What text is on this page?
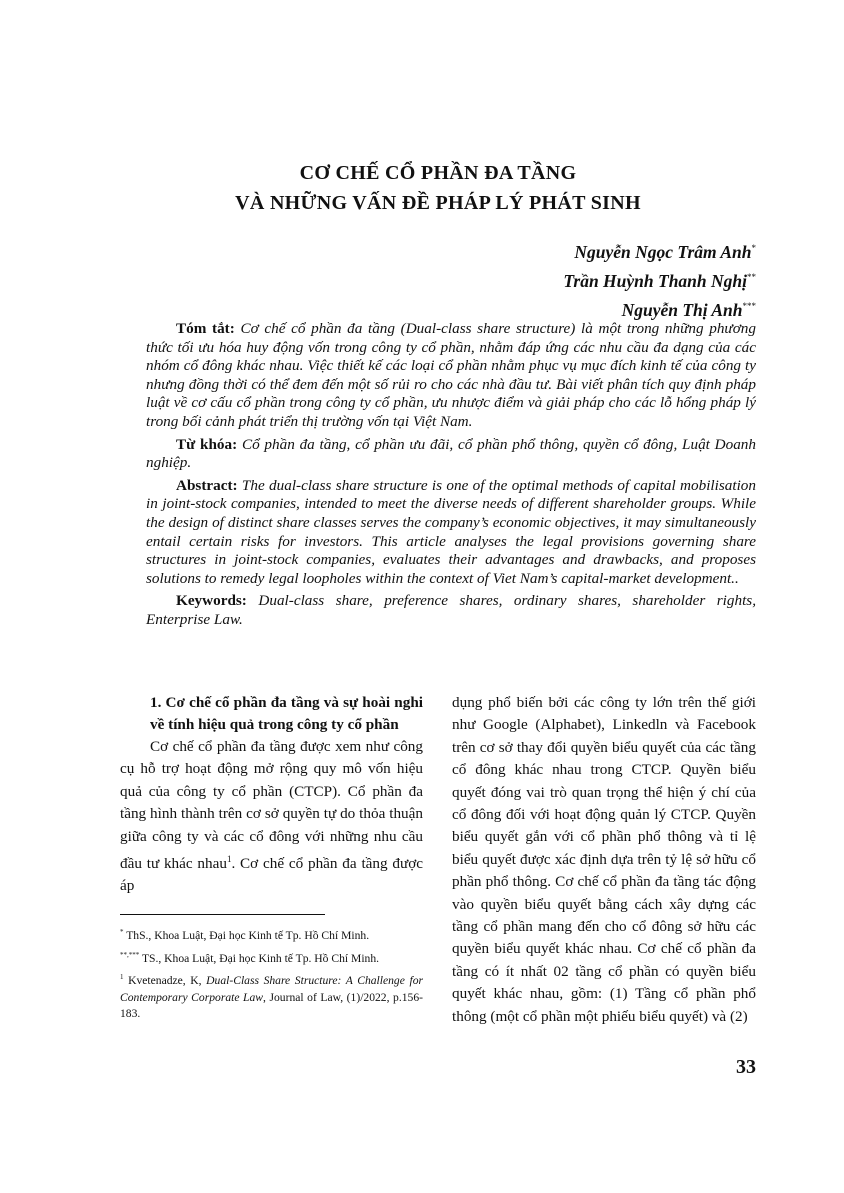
CƠ CHẾ CỔ PHẦN ĐA TẦNG
VÀ NHỮNG VẤN ĐỀ PHÁP LÝ PHÁT SINH
Nguyễn Ngọc Trâm Anh*
Trần Huỳnh Thanh Nghị**
Nguyễn Thị Anh***

Tóm tắt: Cơ chế cổ phần đa tầng (Dual-class share structure) là một trong những phương thức tối ưu hóa huy động vốn trong công ty cổ phần, nhằm đáp ứng các nhu cầu đa dạng của các nhóm cổ đông khác nhau. Việc thiết kế các loại cổ phần nhằm phục vụ mục đích kinh tế của công ty nhưng đồng thời có thể đem đến một số rủi ro cho các nhà đầu tư. Bài viết phân tích quy định pháp luật về cơ cấu cổ phần trong công ty cổ phần, ưu nhược điểm và giải pháp cho các lỗ hổng pháp lý trong bối cảnh phát triển thị trường vốn tại Việt Nam.

Từ khóa: Cổ phần đa tầng, cổ phần ưu đãi, cổ phần phổ thông, quyền cổ đông, Luật Doanh nghiệp.

Abstract: The dual-class share structure is one of the optimal methods of capital mobilisation in joint-stock companies, intended to meet the diverse needs of different shareholder groups. While the design of distinct share classes serves the company’s economic objectives, it may simultaneously entail certain risks for investors. This article analyses the legal provisions governing share structures in joint-stock companies, evaluates their advantages and drawbacks, and proposes solutions to remedy legal loopholes within the context of Viet Nam’s capital-market development..

Keywords: Dual-class share, preference shares, ordinary shares, shareholder rights, Enterprise Law.

1. Cơ chế cổ phần đa tầng và sự hoài nghi về tính hiệu quả trong công ty cổ phần

Cơ chế cổ phần đa tầng được xem như công cụ hỗ trợ hoạt động mở rộng quy mô vốn hiệu quả của công ty cổ phần (CTCP). Cổ phần đa tầng hình thành trên cơ sở quyền tự do thỏa thuận giữa công ty và các cổ đông với những nhu cầu đầu tư khác nhau$^1$. Cơ chế cổ phần đa tầng được áp

dụng phổ biến bởi các công ty lớn trên thế giới như Google (Alphabet), Linkedln và Facebook trên cơ sở thay đổi quyền biểu quyết của các tầng cổ đông khác nhau trong CTCP. Quyền biểu quyết đóng vai trò quan trọng thể hiện ý chí của cổ đông đối với hoạt động quản lý CTCP. Quyền biểu quyết gắn với cổ phần phổ thông và tỉ lệ biểu quyết được xác định dựa trên tỷ lệ sở hữu cổ phần phổ thông. Cơ chế cổ phần đa tầng tác động vào quyền biểu quyết bằng cách xây dựng các tầng cổ phần mang đến cho cổ đông sở hữu các quyền biểu quyết khác nhau. Cơ chế cổ phần đa tầng có ít nhất 02 tầng cổ phần có quyền biểu quyết khác nhau, gồm: (1) Tầng cổ phần phổ thông (một cổ phần một phiếu biểu quyết) và (2)

* ThS., Khoa Luật, Đại học Kinh tế Tp. Hồ Chí Minh.

**,*** TS., Khoa Luật, Đại học Kinh tế Tp. Hồ Chí Minh.

$^1$ Kvetenadze, K, Dual-Class Share Structure: A Challenge for Contemporary Corporate Law, Journal of Law, (1)/2022, p.156-183.

33
